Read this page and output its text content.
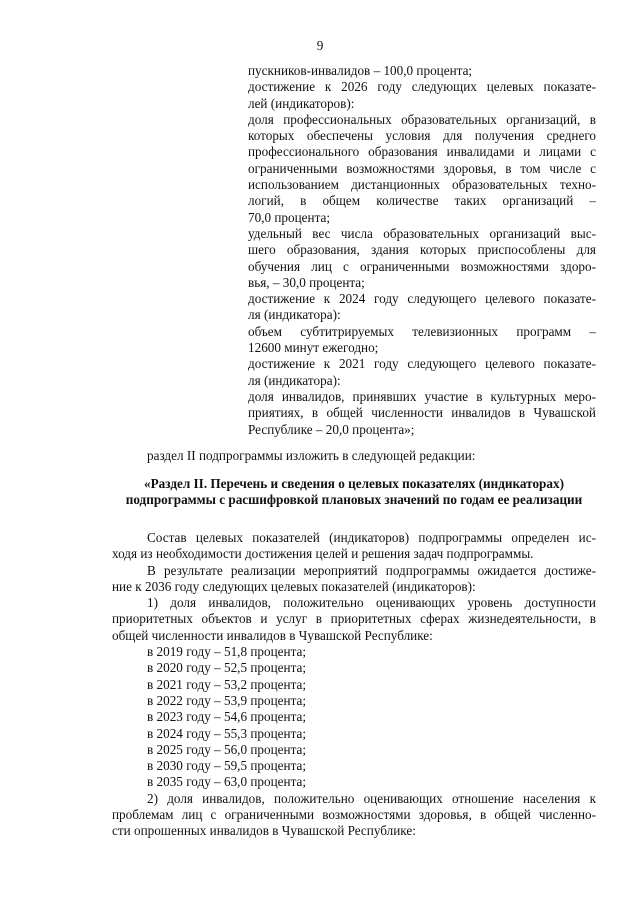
9
пускников-инвалидов – 100,0 процента;
достижение к 2026 году следующих целевых показате-
лей (индикаторов):
доля профессиональных образовательных организаций, в
которых обеспечены условия для получения среднего
профессионального образования инвалидами и лицами с
ограниченными возможностями здоровья, в том числе с
использованием дистанционных образовательных техно-
логий, в общем количестве таких организаций –
70,0 процента;
удельный вес числа образовательных организаций выс-
шего образования, здания которых приспособлены для
обучения лиц с ограниченными возможностями здоро-
вья, – 30,0 процента;
достижение к 2024 году следующего целевого показате-
ля (индикатора):
объем субтитрируемых телевизионных программ –
12600 минут ежегодно;
достижение к 2021 году следующего целевого показате-
ля (индикатора):
доля инвалидов, принявших участие в культурных меро-
приятиях, в общей численности инвалидов в Чувашской
Республике – 20,0 процента»;
раздел II подпрограммы изложить в следующей редакции:
«Раздел II. Перечень и сведения о целевых показателях (индикаторах)
подпрограммы с расшифровкой плановых значений по годам ее реализации
Состав целевых показателей (индикаторов) подпрограммы определен ис-
ходя из необходимости достижения целей и решения задач подпрограммы.
В результате реализации мероприятий подпрограммы ожидается достиже-
ние к 2036 году следующих целевых показателей (индикаторов):
1) доля инвалидов, положительно оценивающих уровень доступности
приоритетных объектов и услуг в приоритетных сферах жизнедеятельности, в
общей численности инвалидов в Чувашской Республике:
в 2019 году – 51,8 процента;
в 2020 году – 52,5 процента;
в 2021 году – 53,2 процента;
в 2022 году – 53,9 процента;
в 2023 году – 54,6 процента;
в 2024 году – 55,3 процента;
в 2025 году – 56,0 процента;
в 2030 году – 59,5 процента;
в 2035 году – 63,0 процента;
2) доля инвалидов, положительно оценивающих отношение населения к
проблемам лиц с ограниченными возможностями здоровья, в общей численно-
сти опрошенных инвалидов в Чувашской Республике:
